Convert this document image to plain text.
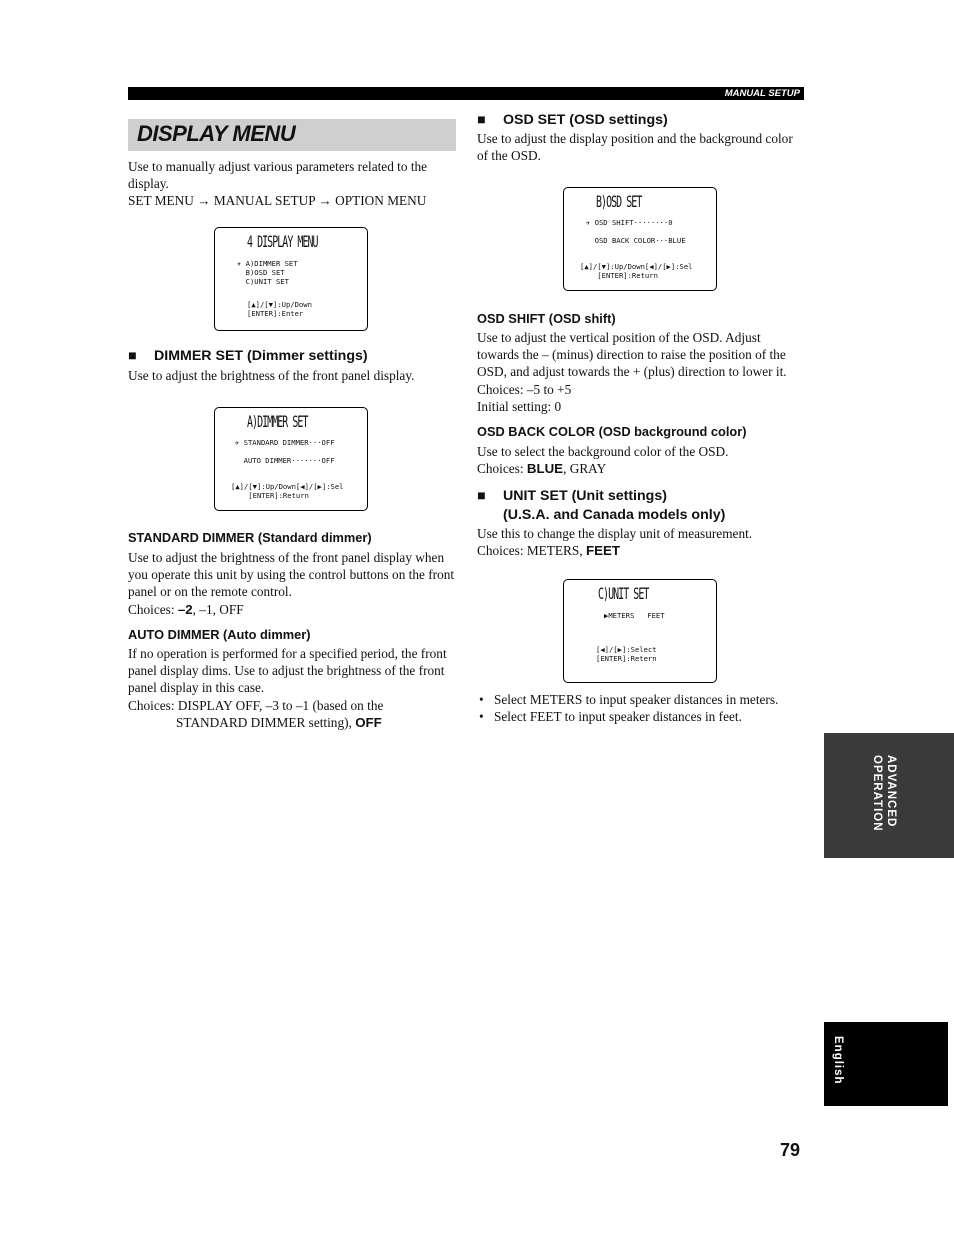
MANUAL SETUP
DISPLAY MENU
Use to manually adjust various parameters related to the display.
SET MENU → MANUAL SETUP → OPTION MENU
4 DISPLAY MENU
✈ A)DIMMER SET
B)OSD SET
C)UNIT SET
[▲]/[▼]:Up/Down
[ENTER]:Enter
■ DIMMER SET (Dimmer settings)
Use to adjust the brightness of the front panel display.
A)DIMMER SET
✈ STANDARD DIMMER···OFF

AUTO DIMMER·······OFF
[▲]/[▼]:Up/Down[◀]/[▶]:Sel
[ENTER]:Return
STANDARD DIMMER (Standard dimmer)
Use to adjust the brightness of the front panel display when you operate this unit by using the control buttons on the front panel or on the remote control.
Choices: –2, –1, OFF
AUTO DIMMER (Auto dimmer)
If no operation is performed for a specified period, the front panel display dims. Use to adjust the brightness of the front panel display in this case.
Choices: DISPLAY OFF, –3 to –1 (based on the
STANDARD DIMMER setting), OFF
■ OSD SET (OSD settings)
Use to adjust the display position and the background color of the OSD.
B)OSD SET
✈ OSD SHIFT········0

OSD BACK COLOR···BLUE
[▲]/[▼]:Up/Down[◀]/[▶]:Sel
[ENTER]:Return
OSD SHIFT (OSD shift)
Use to adjust the vertical position of the OSD. Adjust towards the – (minus) direction to raise the position of the OSD, and adjust towards the + (plus) direction to lower it.
Choices: –5 to +5
Initial setting: 0
OSD BACK COLOR (OSD background color)
Use to select the background color of the OSD.
Choices: BLUE, GRAY
■ UNIT SET (Unit settings)
(U.S.A. and Canada models only)
Use this to change the display unit of measurement.
Choices: METERS, FEET
C)UNIT SET
▶METERS   FEET
[◀]/[▶]:Select
[ENTER]:Retern
• Select METERS to input speaker distances in meters.
• Select FEET to input speaker distances in feet.
ADVANCED
OPERATION
English
79
